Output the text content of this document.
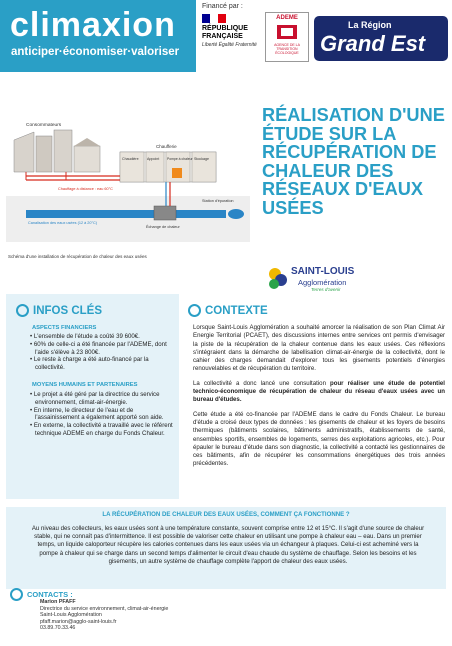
climaxion
anticiper·économiser·valoriser
Financé par :
RÉPUBLIQUE FRANÇAISE
Liberté Égalité Fraternité
ADEME
AGENCE DE LA TRANSITION ÉCOLOGIQUE
La Région
Grand Est
Consommateurs
Chaufferie
Chaudière Appoint Pompe à chaleur Stockage
Chauffage à distance : eau 60°C
Échange de chaleur
Station d'épuration
Canalisation des eaux usées (12 à 20°C)
Schéma d'une installation de récupération de chaleur des eaux usées
RÉALISATION D'UNE ÉTUDE SUR LA RÉCUPÉRATION DE CHALEUR DES RÉSEAUX D'EAUX USÉES
SAINT-LOUIS
Agglomération
Terres d'avenir
INFOS CLÉS
ASPECTS FINANCIERS
• L'ensemble de l'étude a coûté 39 600€.
• 60% de celle-ci a été financée par l'ADEME, dont l'aide s'élève à 23 800€.
• Le reste à charge a été auto-financé par la collectivité.
MOYENS HUMAINS ET PARTENAIRES
• Le projet a été géré par la directrice du service environnement, climat-air-énergie.
• En interne, le directeur de l'eau et de l'assainissement a également apporté son aide.
• En externe, la collectivité a travaillé avec le référent technique ADEME en charge du Fonds Chaleur.
CONTEXTE

Lorsque Saint-Louis Agglomération a souhaité amorcer la réalisation de son Plan Climat Air Energie Territorial (PCAET), des discussions internes entre services ont permis d'envisager la piste de la récupération de la chaleur contenue dans les eaux usées. Ces réflexions s'intégraient dans la démarche de labellisation climat-air-énergie de la collectivité, dont le cahier des charges demandait d'explorer tous les gisements potentiels d'énergies renouvelables et de récupération du territoire.

La collectivité a donc lancé une consultation pour réaliser une étude de potentiel technico-économique de récupération de chaleur du réseau d'eaux usées avec un bureau d'études.

Cette étude a été co-financée par l'ADEME dans le cadre du Fonds Chaleur. Le bureau d'étude a croisé deux types de données : les gisements de chaleur et les foyers de besoins thermiques (bâtiments scolaires, bâtiments administratifs, établissements de santé, ensembles sportifs, ensembles de logements, serres des exploitations agricoles, etc.). Pour épauler le bureau d'étude dans son diagnostic, la collectivité a contacté les gestionnaires de ces bâtiments, afin de récupérer les consommations énergétiques des trois années précédentes.

LA RÉCUPÉRATION DE CHALEUR DES EAUX USÉES, COMMENT ÇA FONCTIONNE ?
Au niveau des collecteurs, les eaux usées sont à une température constante, souvent comprise entre 12 et 15°C. Il s'agit d'une source de chaleur stable, qui ne connaît pas d'intermittence. Il est possible de valoriser cette chaleur en utilisant une pompe à chaleur eau – eau. Dans un premier temps, un liquide caloporteur récupère les calories contenues dans les eaux usées via un échangeur à plaques. Celui-ci est acheminé vers la pompe à chaleur qui se charge dans un second temps d'alimenter le circuit d'eau chaude du système de chauffage. Selon les besoins et les gisements, un autre système de chauffage complète l'apport de chaleur des eaux usées.
CONTACTS :
Marion PFAFF
Directrice du service environnement, climat-air-énergie
Saint-Louis Agglomération
pfaff.marion@agglo-saint-louis.fr
03.89.70.33.46
